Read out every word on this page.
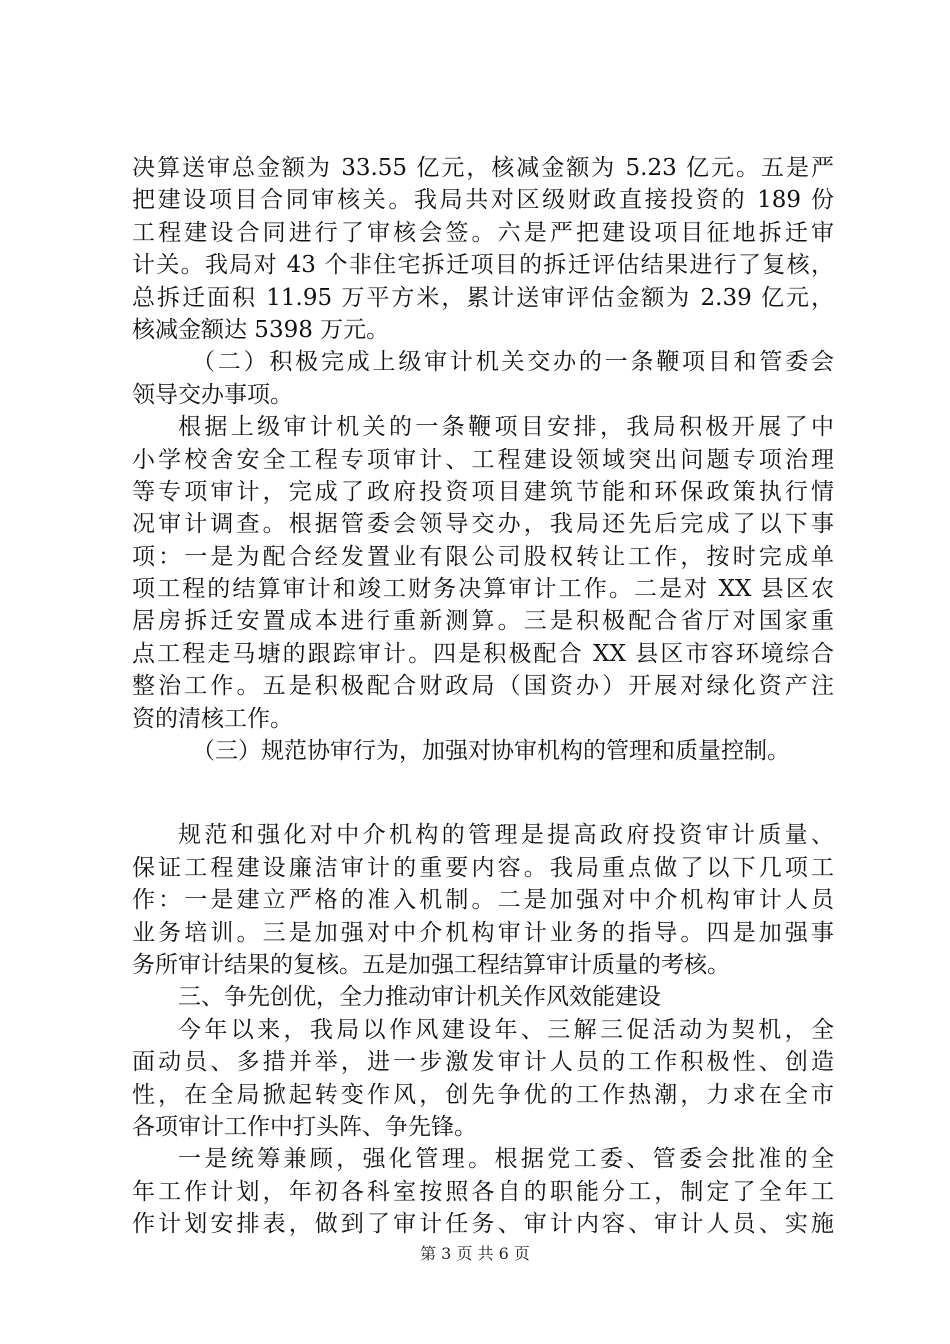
决算送审总金额为 33.55 亿元，核减金额为 5.23 亿元。五是严
把建设项目合同审核关。我局共对区级财政直接投资的 189 份
工程建设合同进行了审核会签。六是严把建设项目征地拆迁审
计关。我局对 43 个非住宅拆迁项目的拆迁评估结果进行了复核，
总拆迁面积 11.95 万平方米，累计送审评估金额为 2.39 亿元，
核减金额达 5398 万元。
（二）积极完成上级审计机关交办的一条鞭项目和管委会
领导交办事项。
根据上级审计机关的一条鞭项目安排，我局积极开展了中
小学校舍安全工程专项审计、工程建设领域突出问题专项治理
等专项审计，完成了政府投资项目建筑节能和环保政策执行情
况审计调查。根据管委会领导交办，我局还先后完成了以下事
项：一是为配合经发置业有限公司股权转让工作，按时完成单
项工程的结算审计和竣工财务决算审计工作。二是对 XX 县区农
居房拆迁安置成本进行重新测算。三是积极配合省厅对国家重
点工程走马塘的跟踪审计。四是积极配合 XX 县区市容环境综合
整治工作。五是积极配合财政局（国资办）开展对绿化资产注
资的清核工作。
（三）规范协审行为，加强对协审机构的管理和质量控制。
规范和强化对中介机构的管理是提高政府投资审计质量、
保证工程建设廉洁审计的重要内容。我局重点做了以下几项工
作：一是建立严格的准入机制。二是加强对中介机构审计人员
业务培训。三是加强对中介机构审计业务的指导。四是加强事
务所审计结果的复核。五是加强工程结算审计质量的考核。
三、争先创优，全力推动审计机关作风效能建设
今年以来，我局以作风建设年、三解三促活动为契机，全
面动员、多措并举，进一步激发审计人员的工作积极性、创造
性，在全局掀起转变作风，创先争优的工作热潮，力求在全市
各项审计工作中打头阵、争先锋。
一是统筹兼顾，强化管理。根据党工委、管委会批准的全
年工作计划，年初各科室按照各自的职能分工，制定了全年工
作计划安排表，做到了审计任务、审计内容、审计人员、实施
第 3 页 共 6 页
